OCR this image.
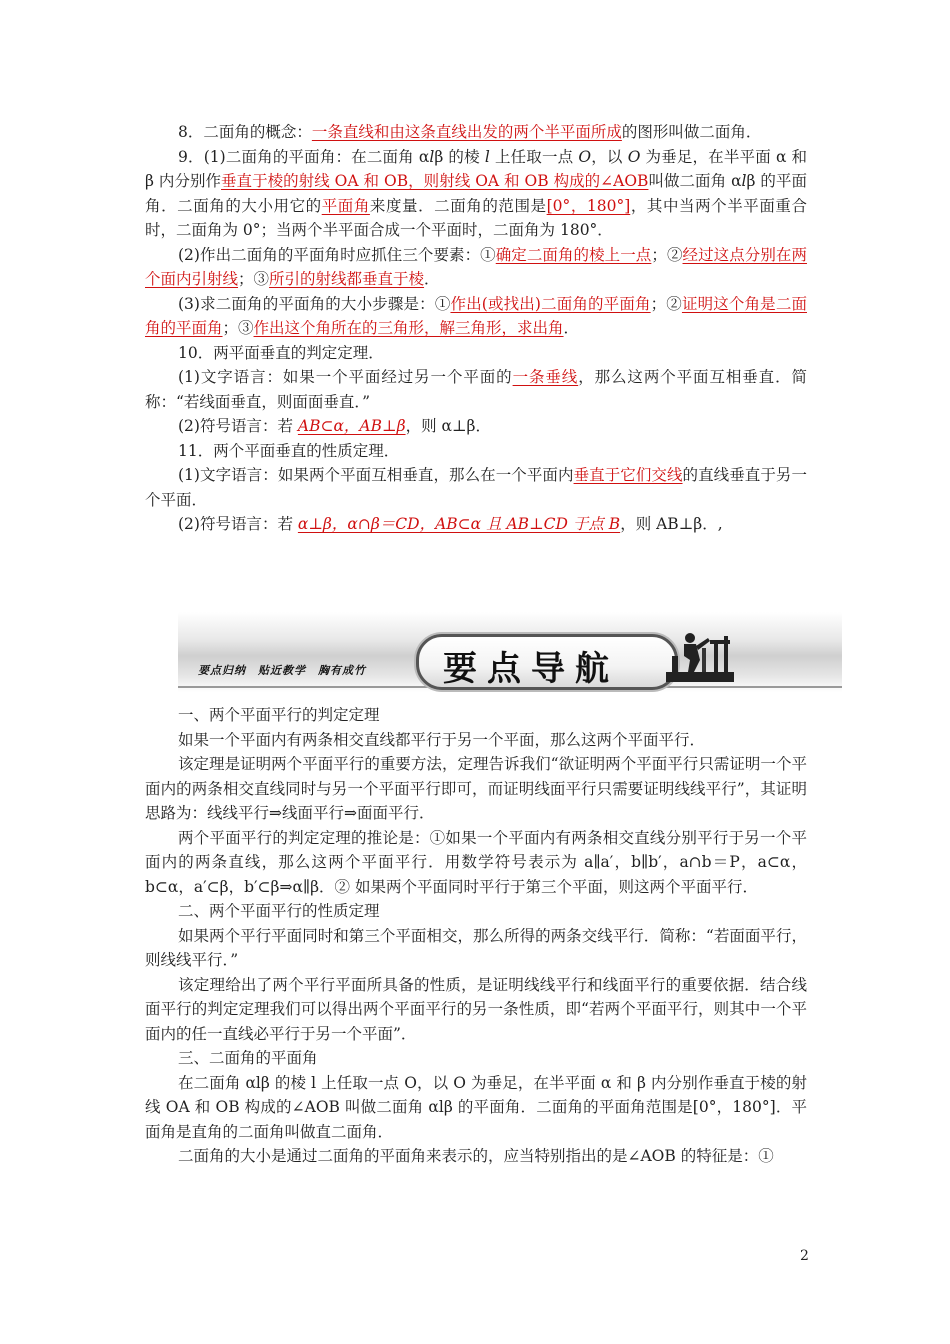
8．二面角的概念：一条直线和由这条直线出发的两个半平面所成的图形叫做二面角．

9．(1)二面角的平面角：在二面角 αlβ 的棱 l 上任取一点 O，以 O 为垂足，在半平面 α 和 β 内分别作垂直于棱的射线 OA 和 OB，则射线 OA 和 OB 构成的∠AOB叫做二面角 αlβ 的平面角．二面角的大小用它的平面角来度量．二面角的范围是[0°，180°]，其中当两个半平面重合时，二面角为 0°；当两个半平面合成一个平面时，二面角为 180°．

(2)作出二面角的平面角时应抓住三个要素：①确定二面角的棱上一点；②经过这点分别在两个面内引射线；③所引的射线都垂直于棱．

(3)求二面角的平面角的大小步骤是：①作出(或找出)二面角的平面角；②证明这个角是二面角的平面角；③作出这个角所在的三角形，解三角形，求出角．

10．两平面垂直的判定定理．

(1)文字语言：如果一个平面经过另一个平面的一条垂线，那么这两个平面互相垂直．简称：“若线面垂直，则面面垂直．”

(2)符号语言：若 AB⊂α，AB⊥β，则 α⊥β．

11．两个平面垂直的性质定理．

(1)文字语言：如果两个平面互相垂直，那么在一个平面内垂直于它们交线的直线垂直于另一个平面．

(2)符号语言：若 α⊥β，α∩β＝CD，AB⊂α 且 AB⊥CD 于点 B，则 AB⊥β．,

要点归纳　贴近教学　胸有成竹 要点导航

一、两个平面平行的判定定理

如果一个平面内有两条相交直线都平行于另一个平面，那么这两个平面平行．

该定理是证明两个平面平行的重要方法，定理告诉我们“欲证明两个平面平行只需证明一个平面内的两条相交直线同时与另一个平面平行即可，而证明线面平行只需要证明线线平行”，其证明思路为：线线平行⇒线面平行⇒面面平行．

两个平面平行的判定定理的推论是：①如果一个平面内有两条相交直线分别平行于另一个平面内的两条直线，那么这两个平面平行．用数学符号表示为 a∥a′，b∥b′，a∩b＝P，a⊂α，b⊂α，a′⊂β，b′⊂β⇒α∥β．② 如果两个平面同时平行于第三个平面，则这两个平面平行．

二、两个平面平行的性质定理

如果两个平行平面同时和第三个平面相交，那么所得的两条交线平行．简称：“若面面平行，则线线平行．”

该定理给出了两个平行平面所具备的性质，是证明线线平行和线面平行的重要依据．结合线面平行的判定定理我们可以得出两个平面平行的另一条性质，即“若两个平面平行，则其中一个平面内的任一直线必平行于另一个平面”．

三、二面角的平面角

在二面角 αlβ 的棱 l 上任取一点 O，以 O 为垂足，在半平面 α 和 β 内分别作垂直于棱的射线 OA 和 OB 构成的∠AOB 叫做二面角 αlβ 的平面角．二面角的平面角范围是[0°，180°]．平面角是直角的二面角叫做直二面角．

二面角的大小是通过二面角的平面角来表示的，应当特别指出的是∠AOB 的特征是：①

2
